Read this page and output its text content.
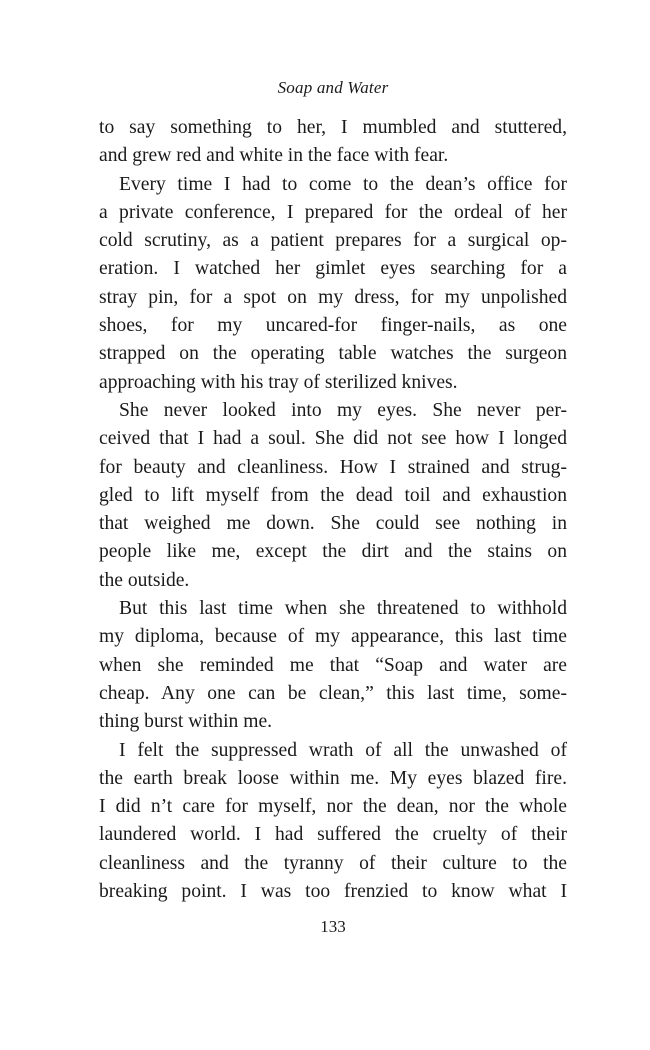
Soap and Water
to say something to her, I mumbled and stuttered,
and grew red and white in the face with fear.
Every time I had to come to the dean’s office for
a private conference, I prepared for the ordeal of her
cold scrutiny, as a patient prepares for a surgical op-
eration. I watched her gimlet eyes searching for a
stray pin, for a spot on my dress, for my unpolished
shoes, for my uncared-for finger-nails, as one
strapped on the operating table watches the surgeon
approaching with his tray of sterilized knives.
She never looked into my eyes. She never per-
ceived that I had a soul. She did not see how I longed
for beauty and cleanliness. How I strained and strug-
gled to lift myself from the dead toil and exhaustion
that weighed me down. She could see nothing in
people like me, except the dirt and the stains on
the outside.
But this last time when she threatened to withhold
my diploma, because of my appearance, this last time
when she reminded me that “Soap and water are
cheap. Any one can be clean,” this last time, some-
thing burst within me.
I felt the suppressed wrath of all the unwashed of
the earth break loose within me. My eyes blazed fire.
I did n’t care for myself, nor the dean, nor the whole
laundered world. I had suffered the cruelty of their
cleanliness and the tyranny of their culture to the
breaking point. I was too frenzied to know what I
133
